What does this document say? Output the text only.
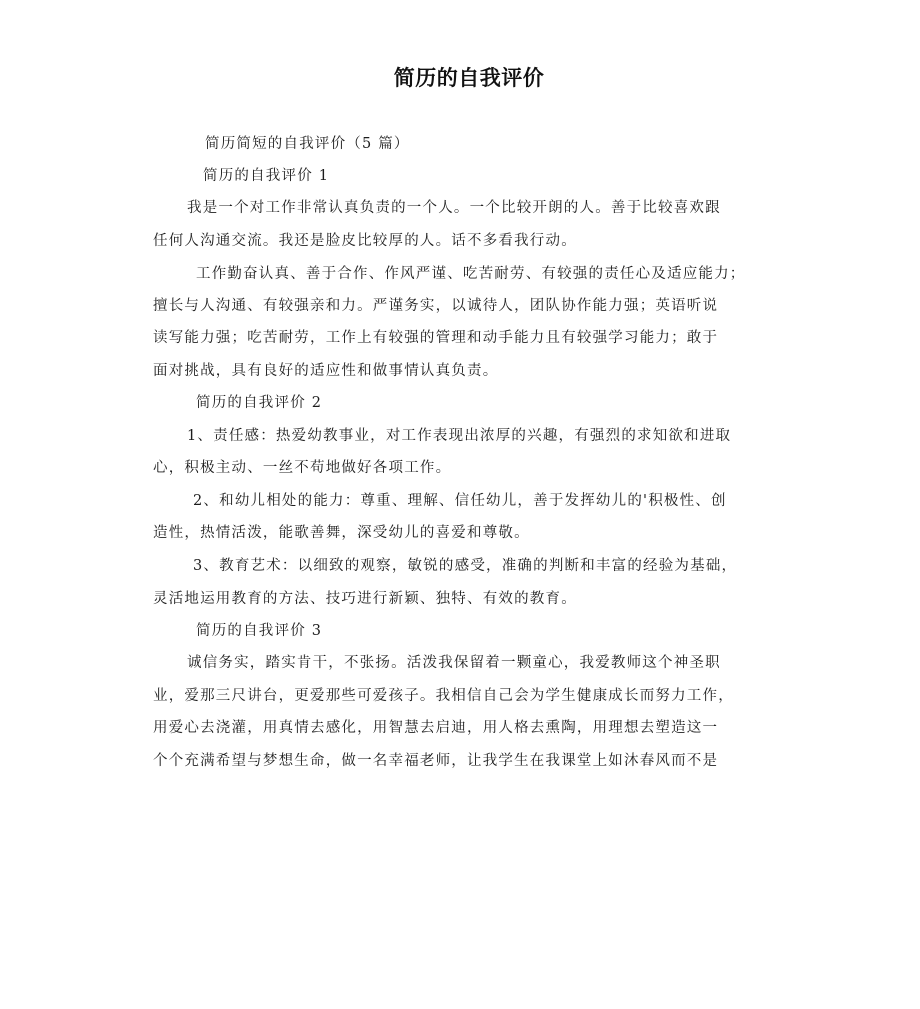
简历的自我评价
简历简短的自我评价（5 篇）
简历的自我评价 1
我是一个对工作非常认真负责的一个人。一个比较开朗的人。善于比较喜欢跟
任何人沟通交流。我还是脸皮比较厚的人。话不多看我行动。
工作勤奋认真、善于合作、作风严谨、吃苦耐劳、有较强的责任心及适应能力；
擅长与人沟通、有较强亲和力。严谨务实，以诚待人，团队协作能力强；英语听说
读写能力强；吃苦耐劳，工作上有较强的管理和动手能力且有较强学习能力；敢于
面对挑战，具有良好的适应性和做事情认真负责。
简历的自我评价 2
1、责任感：热爱幼教事业，对工作表现出浓厚的兴趣，有强烈的求知欲和进取
心，积极主动、一丝不苟地做好各项工作。
2、和幼儿相处的能力：尊重、理解、信任幼儿，善于发挥幼儿的'积极性、创
造性，热情活泼，能歌善舞，深受幼儿的喜爱和尊敬。
3、教育艺术：以细致的观察，敏锐的感受，准确的判断和丰富的经验为基础，
灵活地运用教育的方法、技巧进行新颖、独特、有效的教育。
简历的自我评价 3
诚信务实，踏实肯干，不张扬。活泼我保留着一颗童心，我爱教师这个神圣职
业，爱那三尺讲台，更爱那些可爱孩子。我相信自己会为学生健康成长而努力工作，
用爱心去浇灌，用真情去感化，用智慧去启迪，用人格去熏陶，用理想去塑造这一
个个充满希望与梦想生命，做一名幸福老师，让我学生在我课堂上如沐春风而不是
